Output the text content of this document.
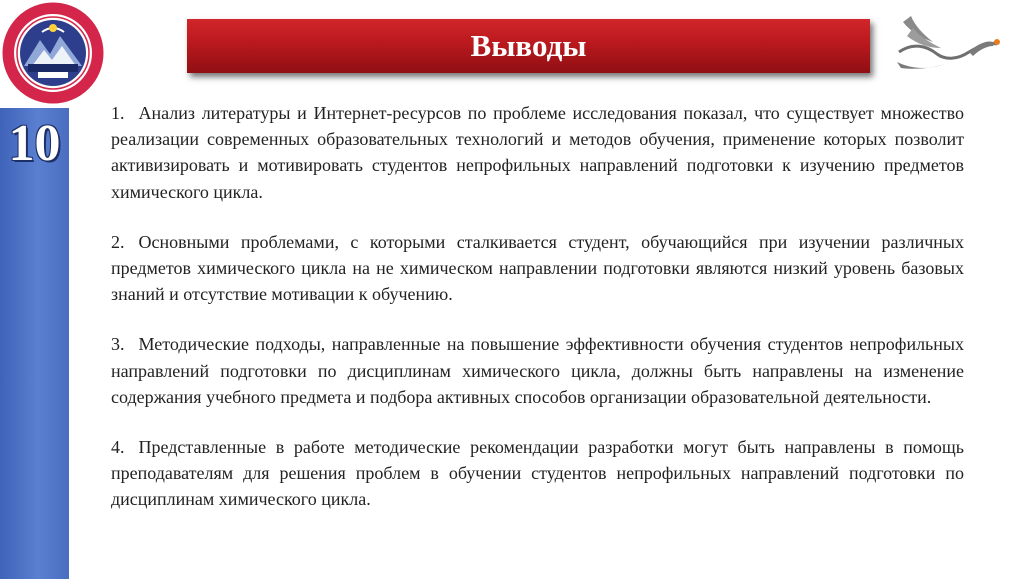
Выводы
10

1. Анализ литературы и Интернет-ресурсов по проблеме исследования показал, что существует множество реализации современных образовательных технологий и методов обучения, применение которых позволит активизировать и мотивировать студентов непрофильных направлений подготовки к изучению предметов химического цикла.

2. Основными проблемами, с которыми сталкивается студент, обучающийся при изучении различных предметов химического цикла на не химическом направлении подготовки являются низкий уровень базовых знаний и отсутствие мотивации к обучению.

3. Методические подходы, направленные на повышение эффективности обучения студентов непрофильных направлений подготовки по дисциплинам химического цикла, должны быть направлены на изменение содержания учебного предмета и подбора активных способов организации образовательной деятельности.

4. Представленные в работе методические рекомендации разработки могут быть направлены в помощь преподавателям для решения проблем в обучении студентов непрофильных направлений подготовки по дисциплинам химического цикла.
